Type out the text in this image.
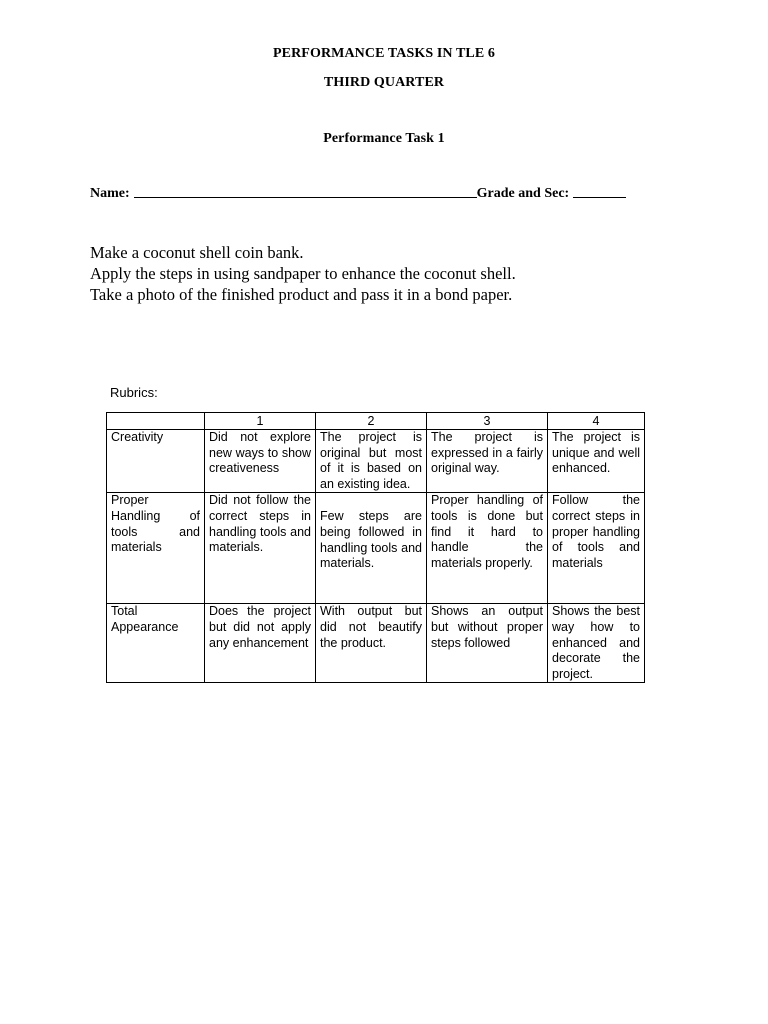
PERFORMANCE TASKS IN TLE 6
THIRD QUARTER
Performance Task 1
Name:	Grade and Sec:
Make a coconut shell coin bank.
Apply the steps in using sandpaper to enhance the coconut shell.
Take a photo of the finished product and pass it in a bond paper.
Rubrics:
	1	2	3	4
Creativity	Did not explore new ways to show creativeness	The project is original but most of it is based on an existing idea.	The project is expressed in a fairly original way.	The project is unique and well enhanced.
Proper Handling of tools and materials	Did not follow the correct steps in handling tools and materials.	Few steps are being followed in handling tools and materials.	Proper handling of tools is done but find it hard to handle the materials properly.	Follow the correct steps in proper handling of tools and materials
Total Appearance	Does the project but did not apply any enhancement	With output but did not beautify the product.	Shows an output but without proper steps followed	Shows the best way how to enhanced and decorate the project.
